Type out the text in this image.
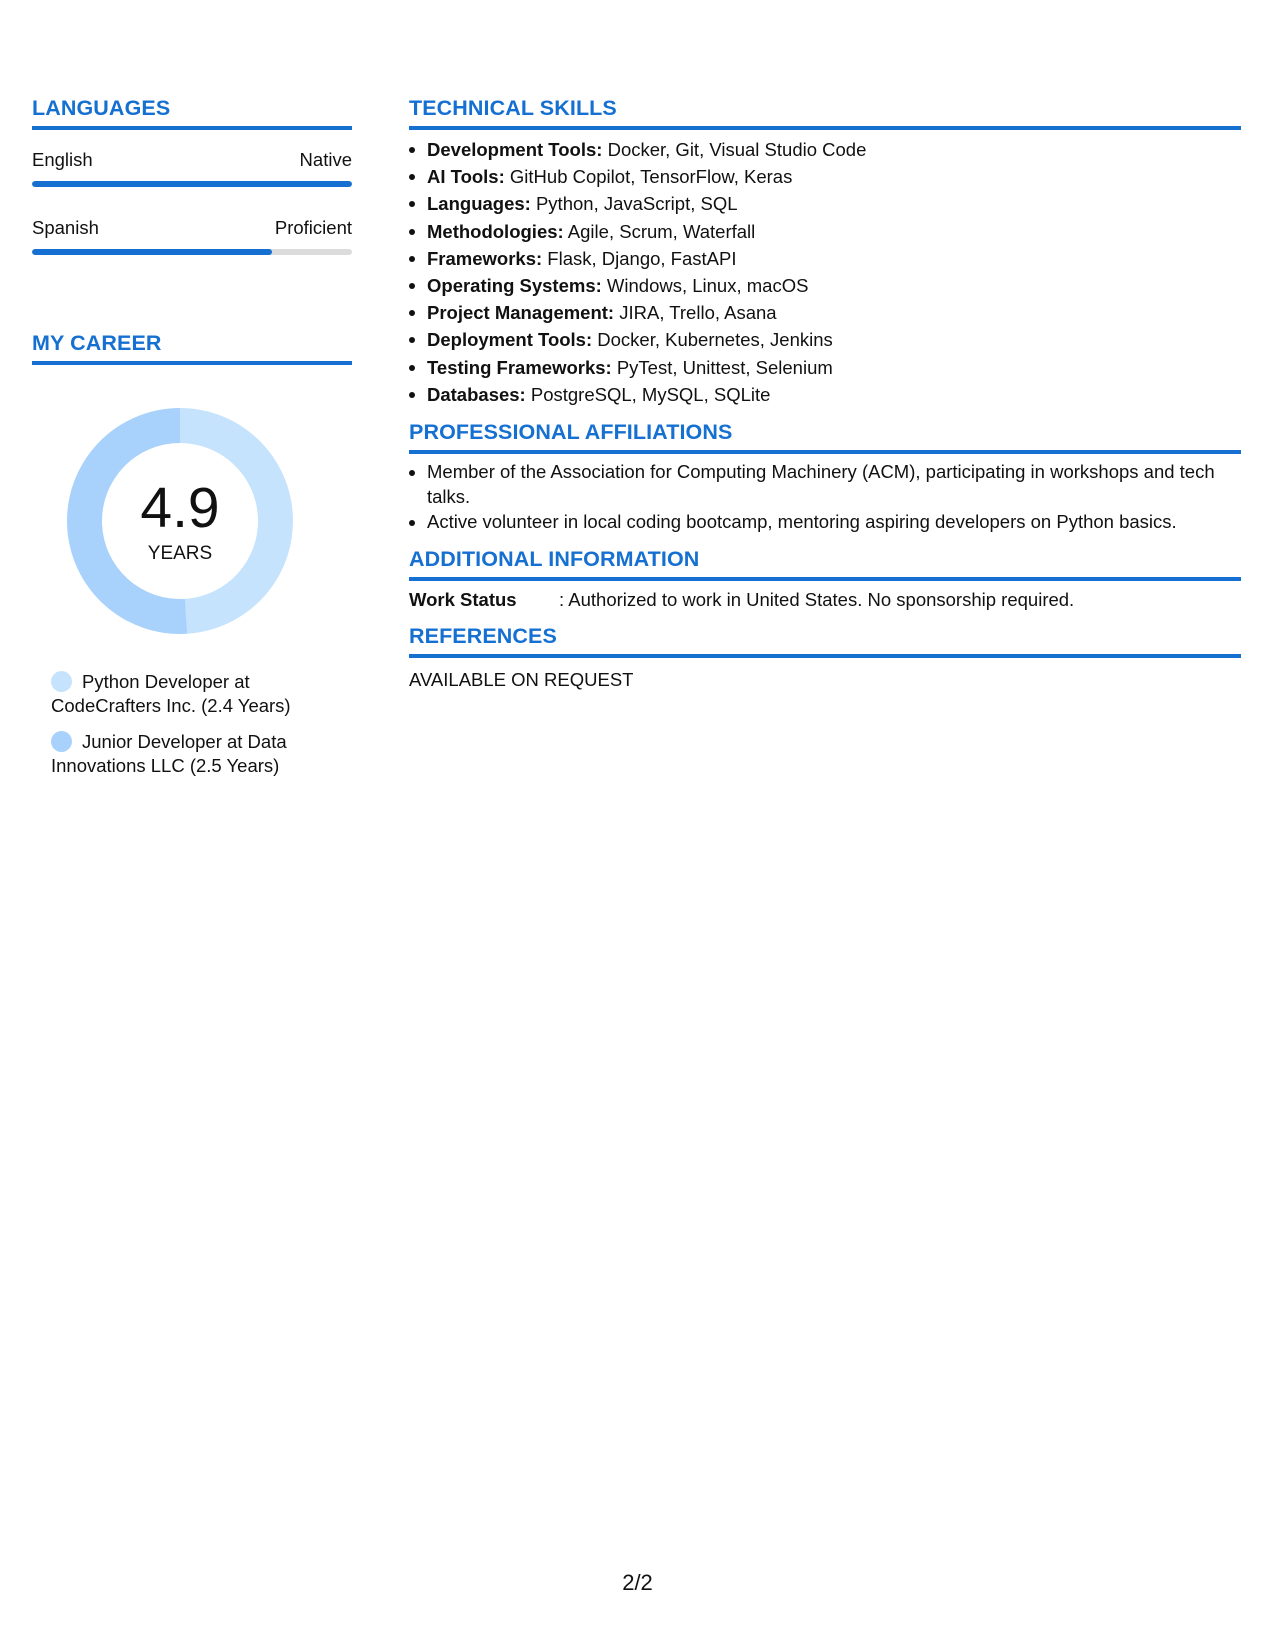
LANGUAGES
English	Native
Spanish	Proficient
MY CAREER
4.9
YEARS
Python Developer at CodeCrafters Inc. (2.4 Years)
Junior Developer at Data Innovations LLC (2.5 Years)
TECHNICAL SKILLS
Development Tools: Docker, Git, Visual Studio Code
AI Tools: GitHub Copilot, TensorFlow, Keras
Languages: Python, JavaScript, SQL
Methodologies: Agile, Scrum, Waterfall
Frameworks: Flask, Django, FastAPI
Operating Systems: Windows, Linux, macOS
Project Management: JIRA, Trello, Asana
Deployment Tools: Docker, Kubernetes, Jenkins
Testing Frameworks: PyTest, Unittest, Selenium
Databases: PostgreSQL, MySQL, SQLite
PROFESSIONAL AFFILIATIONS
Member of the Association for Computing Machinery (ACM), participating in workshops and tech talks.
Active volunteer in local coding bootcamp, mentoring aspiring developers on Python basics.
ADDITIONAL INFORMATION
Work Status	: Authorized to work in United States. No sponsorship required.
REFERENCES
AVAILABLE ON REQUEST
2/2
